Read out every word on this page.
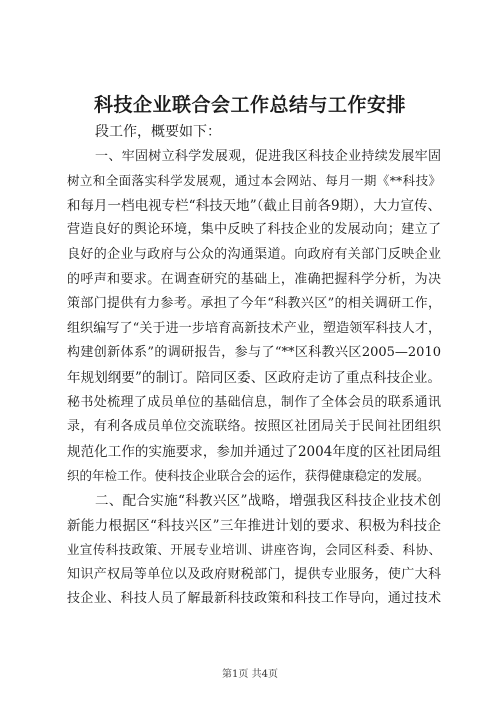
科技企业联合会工作总结与工作安排
段工作，概要如下：
一、牢固树立科学发展观，促进我区科技企业持续发展牢固
树立和全面落实科学发展观，通过本会网站、每月一期《**科技》
和每月一档电视专栏“科技天地”（截止目前各9期），大力宣传、
营造良好的舆论环境，集中反映了科技企业的发展动向；建立了
良好的企业与政府与公众的沟通渠道。向政府有关部门反映企业
的呼声和要求。在调查研究的基础上，准确把握科学分析，为决
策部门提供有力参考。承担了今年“科教兴区”的相关调研工作，
组织编写了“关于进一步培育高新技术产业，塑造领军科技人才，
构建创新体系”的调研报告，参与了“**区科教兴区2005—2010
年规划纲要”的制订。陪同区委、区政府走访了重点科技企业。
秘书处梳理了成员单位的基础信息，制作了全体会员的联系通讯
录，有利各成员单位交流联络。按照区社团局关于民间社团组织
规范化工作的实施要求，参加并通过了2004年度的区社团局组
织的年检工作。使科技企业联合会的运作，获得健康稳定的发展。
二、配合实施“科教兴区”战略，增强我区科技企业技术创
新能力根据区“科技兴区”三年推进计划的要求、积极为科技企
业宣传科技政策、开展专业培训、讲座咨询，会同区科委、科协、
知识产权局等单位以及政府财税部门，提供专业服务，使广大科
技企业、科技人员了解最新科技政策和科技工作导向，通过技术
第1页 共4页
